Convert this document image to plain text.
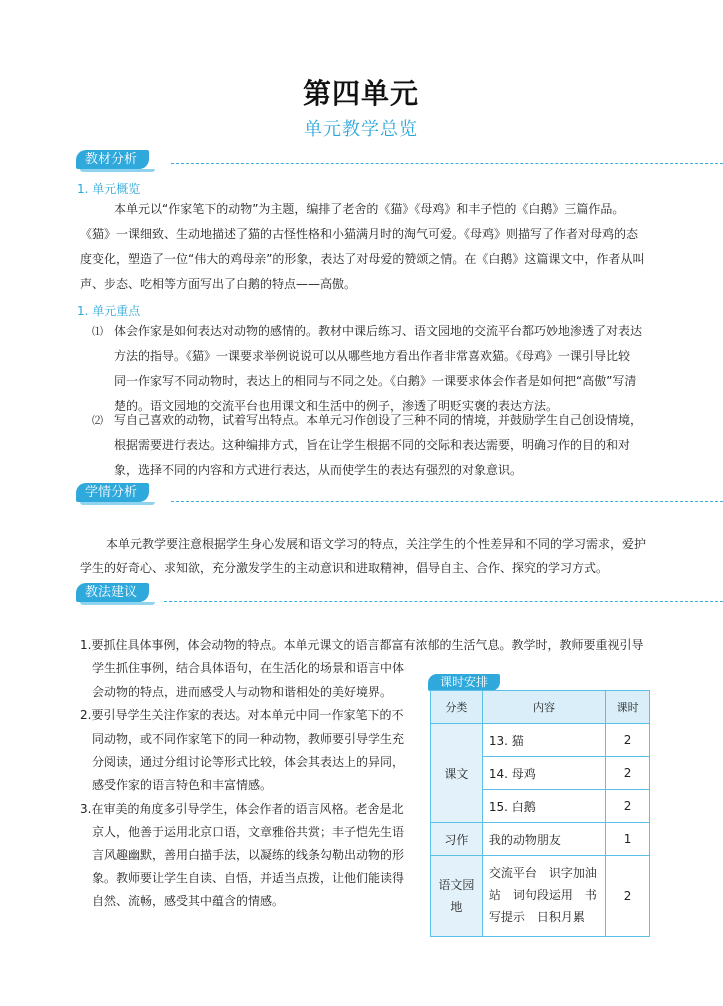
第四单元
单元教学总览
教材分析
1. 单元概览
本单元以“作家笔下的动物”为主题，编排了老舍的《猫》《母鸡》和丰子恺的《白鹅》三篇作品。
《猫》一课细致、生动地描述了猫的古怪性格和小猫满月时的淘气可爱。《母鸡》则描写了作者对母鸡的态
度变化，塑造了一位“伟大的鸡母亲”的形象，表达了对母爱的赞颂之情。在《白鹅》这篇课文中，作者从叫
声、步态、吃相等方面写出了白鹅的特点——高傲。
1. 单元重点
⑴ 体会作家是如何表达对动物的感情的。教材中课后练习、语文园地的交流平台都巧妙地渗透了对表达
方法的指导。《猫》一课要求举例说说可以从哪些地方看出作者非常喜欢猫。《母鸡》一课引导比较
同一作家写不同动物时，表达上的相同与不同之处。《白鹅》一课要求体会作者是如何把“高傲”写清
楚的。语文园地的交流平台也用课文和生活中的例子，渗透了明贬实褒的表达方法。
⑵ 写自己喜欢的动物，试着写出特点。本单元习作创设了三种不同的情境，并鼓励学生自己创设情境，
根据需要进行表达。这种编排方式，旨在让学生根据不同的交际和表达需要，明确习作的目的和对
象，选择不同的内容和方式进行表达，从而使学生的表达有强烈的对象意识。
学情分析
本单元教学要注意根据学生身心发展和语文学习的特点，关注学生的个性差异和不同的学习需求，爱护
学生的好奇心、求知欲，充分激发学生的主动意识和进取精神，倡导自主、合作、探究的学习方式。
教法建议
1.要抓住具体事例，体会动物的特点。本单元课文的语言都富有浓郁的生活气息。教学时，教师要重视引导
学生抓住事例，结合具体语句，在生活化的场景和语言中体
会动物的特点，进而感受人与动物和谐相处的美好境界。
2.要引导学生关注作家的表达。对本单元中同一作家笔下的不
同动物，或不同作家笔下的同一种动物，教师要引导学生充
分阅读，通过分组讨论等形式比较，体会其表达上的异同，
感受作家的语言特色和丰富情感。
3.在审美的角度多引导学生，体会作者的语言风格。老舍是北
京人，他善于运用北京口语，文章雅俗共赏；丰子恺先生语
言风趣幽默，善用白描手法，以凝练的线条勾勒出动物的形
象。教师要让学生自读、自悟，并适当点拨，让他们能读得
自然、流畅，感受其中蕴含的情感。
课时安排
分类	内容	课时
课文	13. 猫	2
	14. 母鸡	2
	15. 白鹅	2
习作	我的动物朋友	1
语文园地	交流平台　识字加油站　词句段运用　书写提示　日积月累	2
